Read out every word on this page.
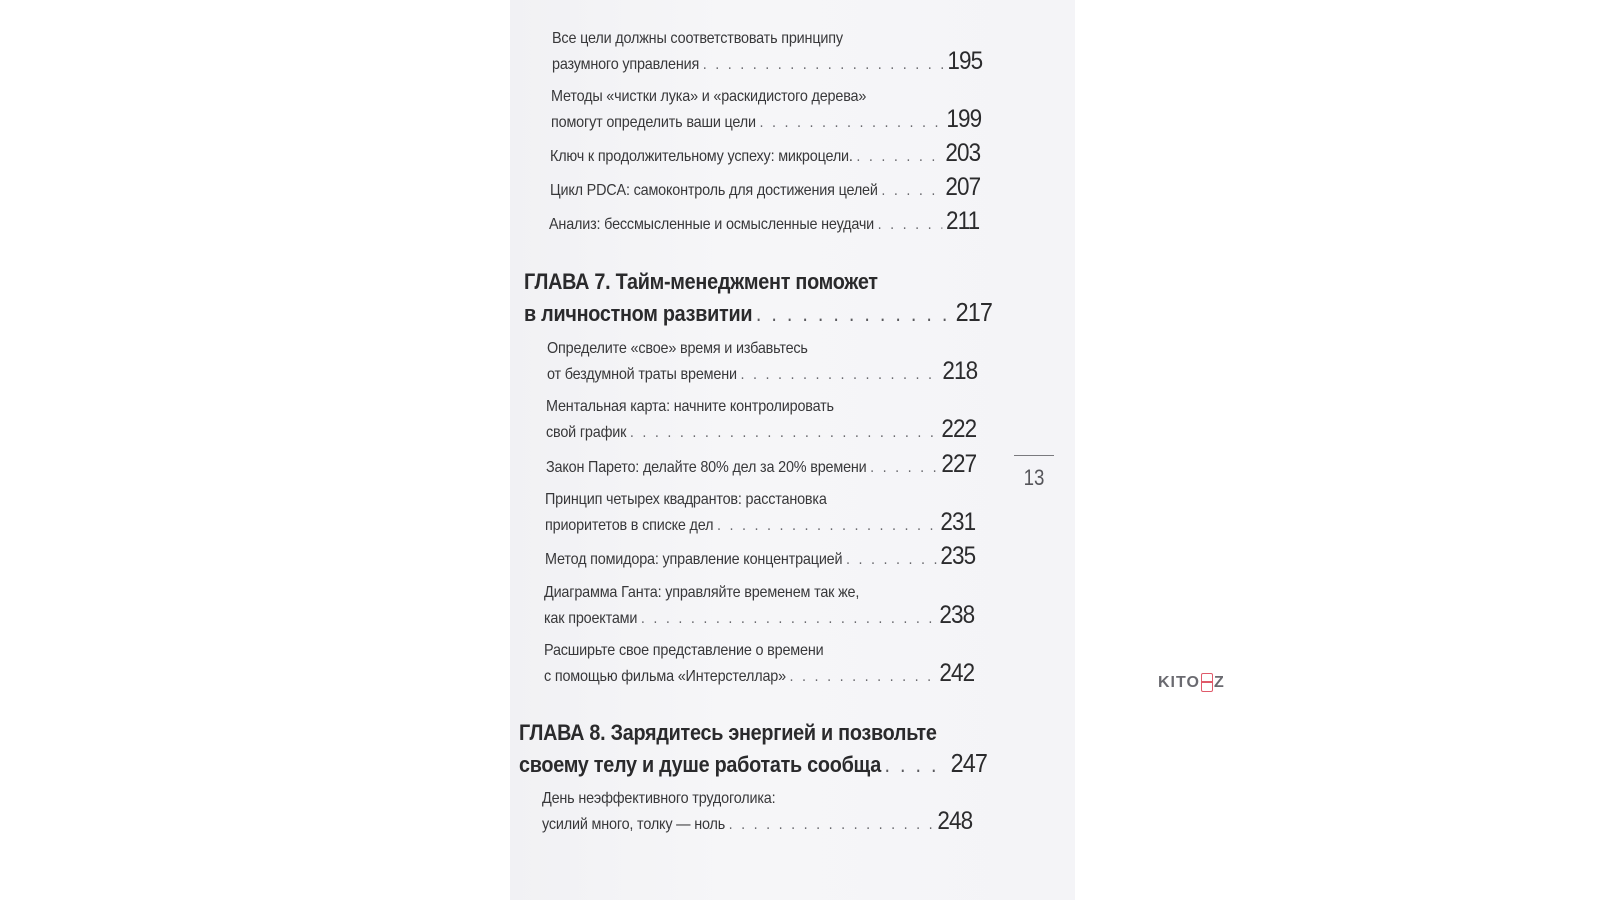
Все цели должны соответствовать принципу
разумного управления . . .	195
Методы «чистки лука» и «раскидистого дерева»
помогут определить ваши цели . . .	199
Ключ к продолжительному успеху: микроцели. . . .	203
Цикл PDCA: самоконтроль для достижения целей . . .	207
Анализ: бессмысленные и осмысленные неудачи . . .	211
ГЛАВА 7. Тайм-менеджмент поможет
в личностном развитии . . .	217
Определите «свое» время и избавьтесь
от бездумной траты времени . . .	218
Ментальная карта: начните контролировать
свой график . . .	222
Закон Парето: делайте 80% дел за 20% времени . . .	227
Принцип четырех квадрантов: расстановка
приоритетов в списке дел . . .	231
Метод помидора: управление концентрацией . . .	235
Диаграмма Ганта: управляйте временем так же,
как проектами . . .	238
Расширьте свое представление о времени
с помощью фильма «Интерстеллар» . . .	242
ГЛАВА 8. Зарядитесь энергией и позвольте
своему телу и душе работать сообща . . .	247
День неэффективного трудоголика:
усилий много, толку — ноль . . .	248
13
KITO Z
